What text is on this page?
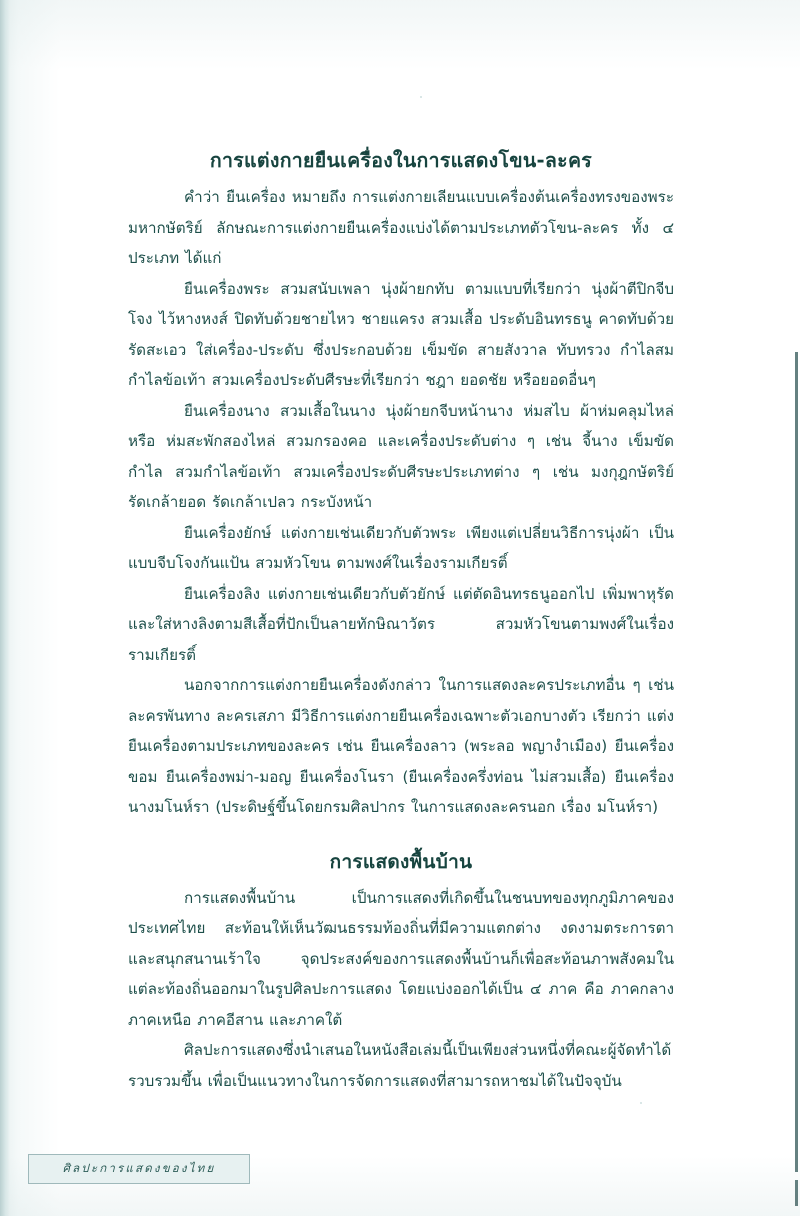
การแต่งกายยืนเครื่องในการแสดงโขน-ละคร

คำว่า ยืนเครื่อง หมายถึง การแต่งกายเลียนแบบเครื่องต้นเครื่องทรงของพระมหากษัตริย์ ลักษณะการแต่งกายยืนเครื่องแบ่งได้ตามประเภทตัวโขน-ละคร ทั้ง ๔ ประเภท ได้แก่

ยืนเครื่องพระ สวมสนับเพลา นุ่งผ้ายกทับ ตามแบบที่เรียกว่า นุ่งผ้าตีปิกจีบโจง ไว้หางหงส์ ปิดทับด้วยชายไหว ชายแครง สวมเสื้อ ประดับอินทรธนู คาดทับด้วยรัดสะเอว ใส่เครื่อง-ประดับ ซึ่งประกอบด้วย เข็มขัด สายสังวาล ทับทรวง กำไลสม กำไลข้อเท้า สวมเครื่องประดับศีรษะที่เรียกว่า ชฎา ยอดชัย หรือยอดอื่นๆ

ยืนเครื่องนาง สวมเสื้อในนาง นุ่งผ้ายกจีบหน้านาง ห่มสไบ ผ้าห่มคลุมไหล่ หรือ ห่มสะพักสองไหล่ สวมกรองคอ และเครื่องประดับต่าง ๆ เช่น จี้นาง เข็มขัด กำไล สวมกำไลข้อเท้า สวมเครื่องประดับศีรษะประเภทต่าง ๆ เช่น มงกุฎกษัตริย์ รัดเกล้ายอด รัดเกล้าเปลว กระบังหน้า

ยืนเครื่องยักษ์ แต่งกายเช่นเดียวกับตัวพระ เพียงแต่เปลี่ยนวิธีการนุ่งผ้า เป็นแบบจีบโจงกันแป้น สวมหัวโขน ตามพงศ์ในเรื่องรามเกียรติ์

ยืนเครื่องลิง แต่งกายเช่นเดียวกับตัวยักษ์ แต่ตัดอินทรธนูออกไป เพิ่มพาหุรัดและใส่หางลิงตามสีเสื้อที่ปักเป็นลายทักษิณาวัตร สวมหัวโขนตามพงศ์ในเรื่องรามเกียรติ์

นอกจากการแต่งกายยืนเครื่องดังกล่าว ในการแสดงละครประเภทอื่น ๆ เช่น ละครพันทาง ละครเสภา มีวิธีการแต่งกายยืนเครื่องเฉพาะตัวเอกบางตัว เรียกว่า แต่งยืนเครื่องตามประเภทของละคร เช่น ยืนเครื่องลาว (พระลอ พญางำเมือง) ยืนเครื่องขอม ยืนเครื่องพม่า-มอญ ยืนเครื่องโนรา (ยืนเครื่องครึ่งท่อน ไม่สวมเสื้อ) ยืนเครื่องนางมโนห์รา (ประดิษฐ์ขึ้นโดยกรมศิลปากร ในการแสดงละครนอก เรื่อง มโนห์รา)

การแสดงพื้นบ้าน

การแสดงพื้นบ้าน เป็นการแสดงที่เกิดขึ้นในชนบทของทุกภูมิภาคของประเทศไทย สะท้อนให้เห็นวัฒนธรรมท้องถิ่นที่มีความแตกต่าง งดงามตระการตา และสนุกสนานเร้าใจ จุดประสงค์ของการแสดงพื้นบ้านก็เพื่อสะท้อนภาพสังคมในแต่ละท้องถิ่นออกมาในรูปศิลปะการแสดง โดยแบ่งออกได้เป็น ๔ ภาค คือ ภาคกลาง ภาคเหนือ ภาคอีสาน และภาคใต้

ศิลปะการแสดงซึ่งนำเสนอในหนังสือเล่มนี้เป็นเพียงส่วนหนึ่งที่คณะผู้จัดทำได้รวบรวมขึ้น เพื่อเป็นแนวทางในการจัดการแสดงที่สามารถหาชมได้ในปัจจุบัน

ศิลปะการแสดงของไทย
